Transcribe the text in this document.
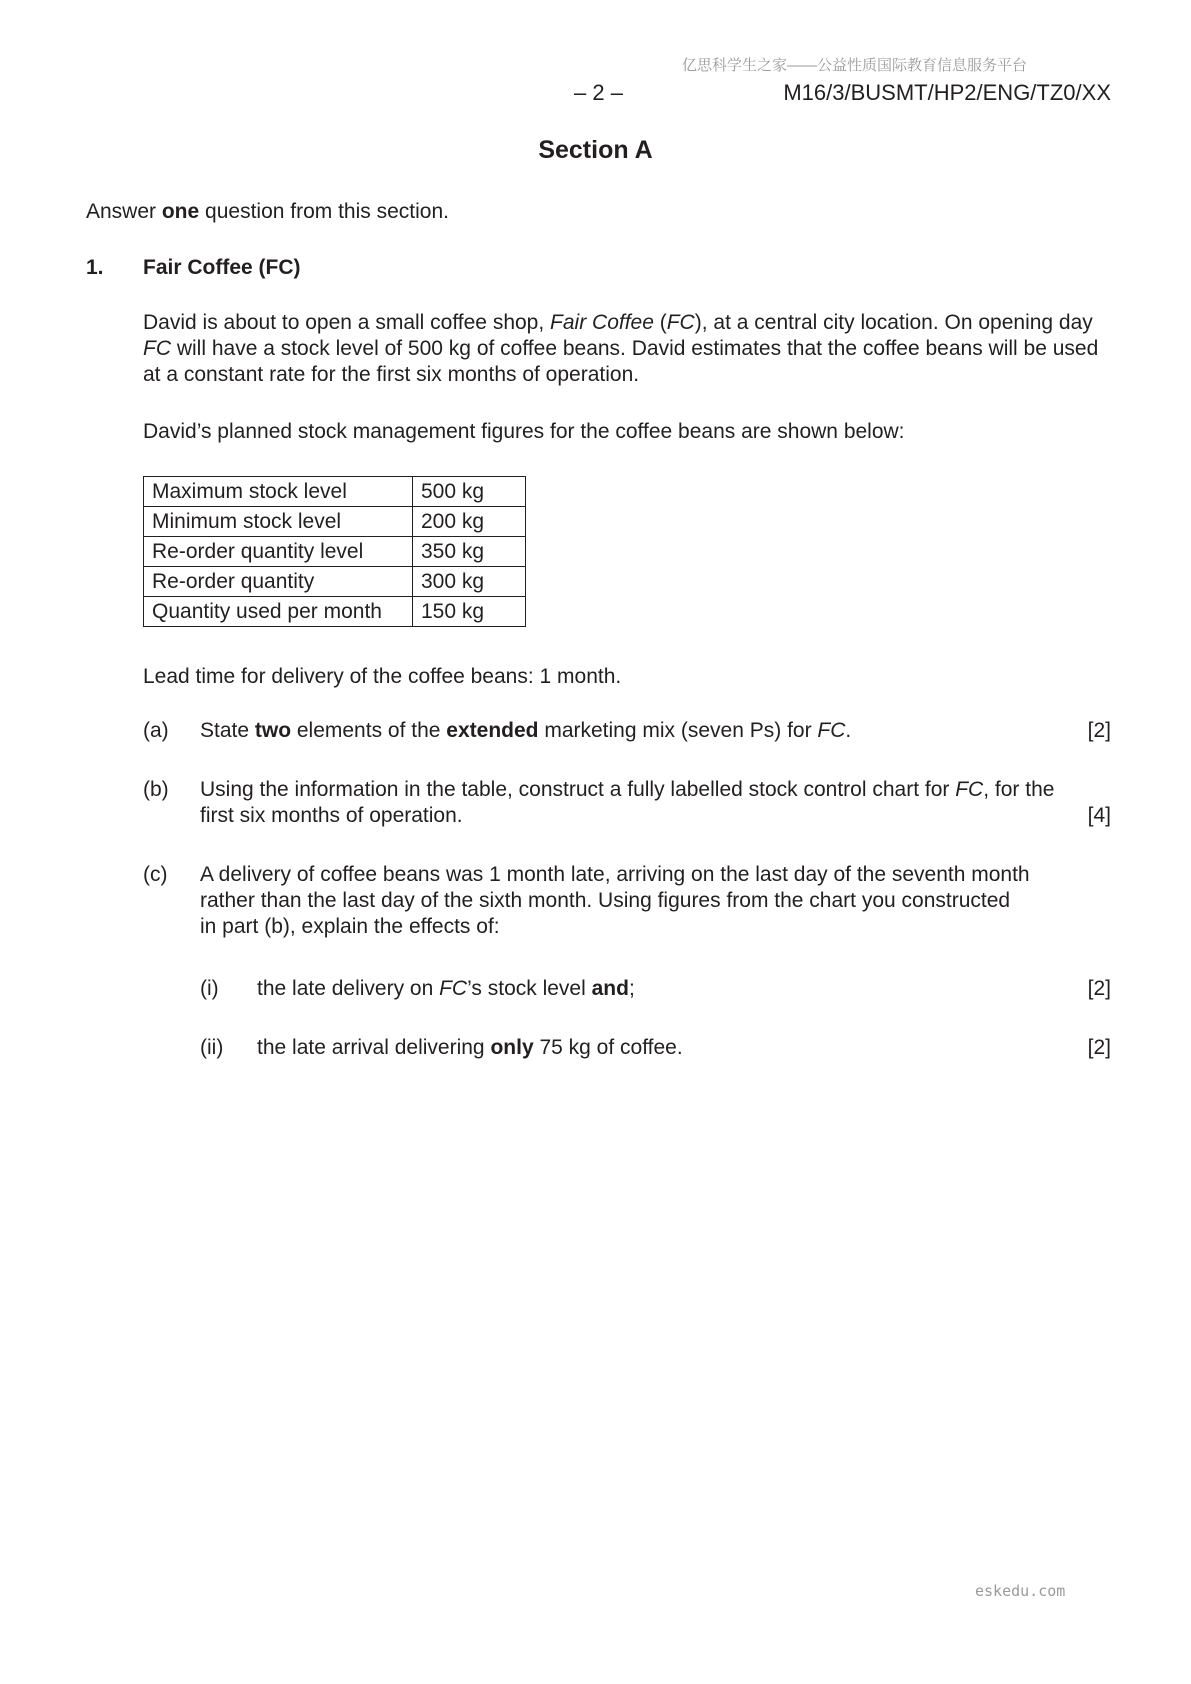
亿思科学生之家——公益性质国际教育信息服务平台
– 2 –	M16/3/BUSMT/HP2/ENG/TZ0/XX
Section A
Answer one question from this section.
1. Fair Coffee (FC)
David is about to open a small coffee shop, Fair Coffee (FC), at a central city location. On opening day FC will have a stock level of 500 kg of coffee beans. David estimates that the coffee beans will be used at a constant rate for the first six months of operation.
David’s planned stock management figures for the coffee beans are shown below:
Maximum stock level	500 kg
Minimum stock level	200 kg
Re-order quantity level	350 kg
Re-order quantity	300 kg
Quantity used per month	150 kg
Lead time for delivery of the coffee beans: 1 month.
(a) State two elements of the extended marketing mix (seven Ps) for FC.	[2]
(b) Using the information in the table, construct a fully labelled stock control chart for FC, for the first six months of operation.	[4]
(c) A delivery of coffee beans was 1 month late, arriving on the last day of the seventh month rather than the last day of the sixth month. Using figures from the chart you constructed in part (b), explain the effects of:
(i) the late delivery on FC’s stock level and;	[2]
(ii) the late arrival delivering only 75 kg of coffee.	[2]
eskedu.com
